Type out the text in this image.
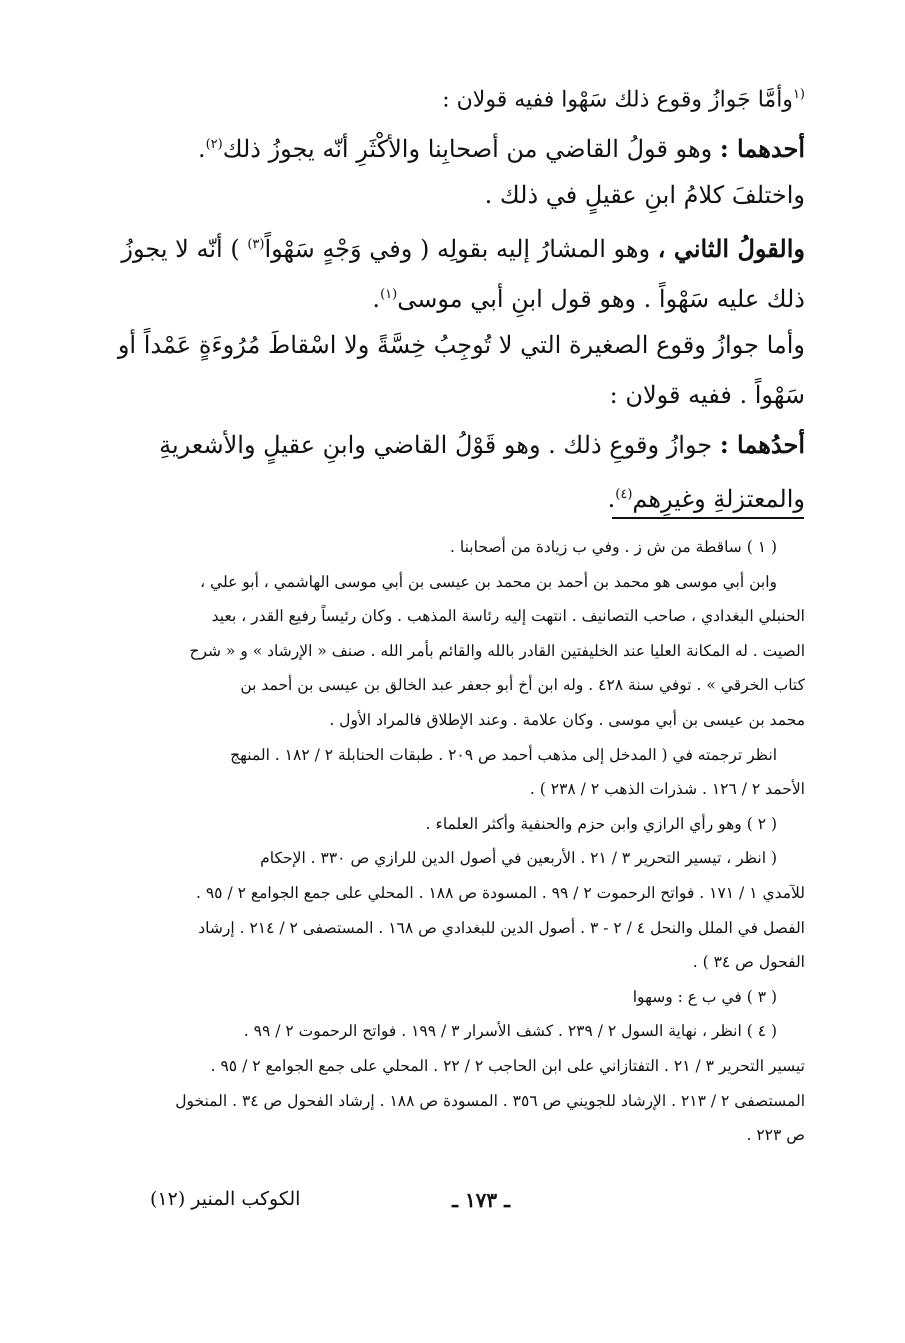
$^{(١}$وأمَّا جَوازُ وقوع ذلك سَهْوا ففيه قولان :
أحدهما : وهو قولُ القاضي من أصحابِنا والأكْثَرِ أنّه يجوزُ ذلك$^{(٢)}$.
واختلفَ كلامُ ابنِ عقيلٍ في ذلك .
والقولُ الثاني ، وهو المشارُ إليه بقولِه ( وفي وَجْهٍ سَهْواً$^{(٣)}$ ) أنّه لا يجوزُ
ذلك عليه سَهْواً . وهو قول ابنِ أبي موسى$^{(١)}$.
وأما جوازُ وقوع الصغيرة التي لا تُوجِبُ خِسَّةً ولا اسْقاطَ مُرُوءَةٍ عَمْداً أو
سَهْواً . ففيه قولان :
أحدُهما : جوازُ وقوعِ ذلك . وهو قَوْلُ القاضي وابنِ عقيلٍ والأشعريةِ
والمعتزلةِ وغيرِهم$^{(٤)}$.
( ١ ) ساقطة من ش ز . وفي ب زيادة من أصحابنا .
وابن أبي موسى هو محمد بن أحمد بن محمد بن عيسى بن أبي موسى الهاشمي ، أبو علي ،
الحنبلي البغدادي ، صاحب التصانيف . انتهت إليه رئاسة المذهب . وكان رئيساً رفيع القدر ، بعيد
الصيت . له المكانة العليا عند الخليفتين القادر بالله والقائم بأمر الله . صنف « الإرشاد » و « شرح
كتاب الخرقي » . توفي سنة ٤٢٨ . وله ابن أخ أبو جعفر عبد الخالق بن عيسى بن أحمد بن
محمد بن عيسى بن أبي موسى . وكان علامة . وعند الإطلاق فالمراد الأول .
انظر ترجمته في ( المدخل إلى مذهب أحمد ص ٢٠٩ . طبقات الحنابلة ٢ / ١٨٢ . المنهج
الأحمد ٢ / ١٢٦ . شذرات الذهب ٢ / ٢٣٨ ) .
( ٢ ) وهو رأي الرازي وابن حزم والحنفية وأكثر العلماء .
( انظر ، تيسير التحرير ٣ / ٢١ . الأربعين في أصول الدين للرازي ص ٣٣٠ . الإحكام
للآمدي ١ / ١٧١ . فواتح الرحموت ٢ / ٩٩ . المسودة ص ١٨٨ . المحلي على جمع الجوامع ٢ / ٩٥ .
الفصل في الملل والنحل ٤ / ٢ - ٣ . أصول الدين للبغدادي ص ١٦٨ . المستصفى ٢ / ٢١٤ . إرشاد
الفحول ص ٣٤ ) .
( ٣ ) في ب ع : وسهوا
( ٤ ) انظر ، نهاية السول ٢ / ٢٣٩ . كشف الأسرار ٣ / ١٩٩ . فواتح الرحموت ٢ / ٩٩ .
تيسير التحرير ٣ / ٢١ . التفتازاني على ابن الحاجب ٢ / ٢٢ . المحلي على جمع الجوامع ٢ / ٩٥ .
المستصفى ٢ / ٢١٣ . الإرشاد للجويني ص ٣٥٦ . المسودة ص ١٨٨ . إرشاد الفحول ص ٣٤ . المنخول
ص ٢٢٣ .
ـ ١٧٣ ـ
الكوكب المنير (١٢)
